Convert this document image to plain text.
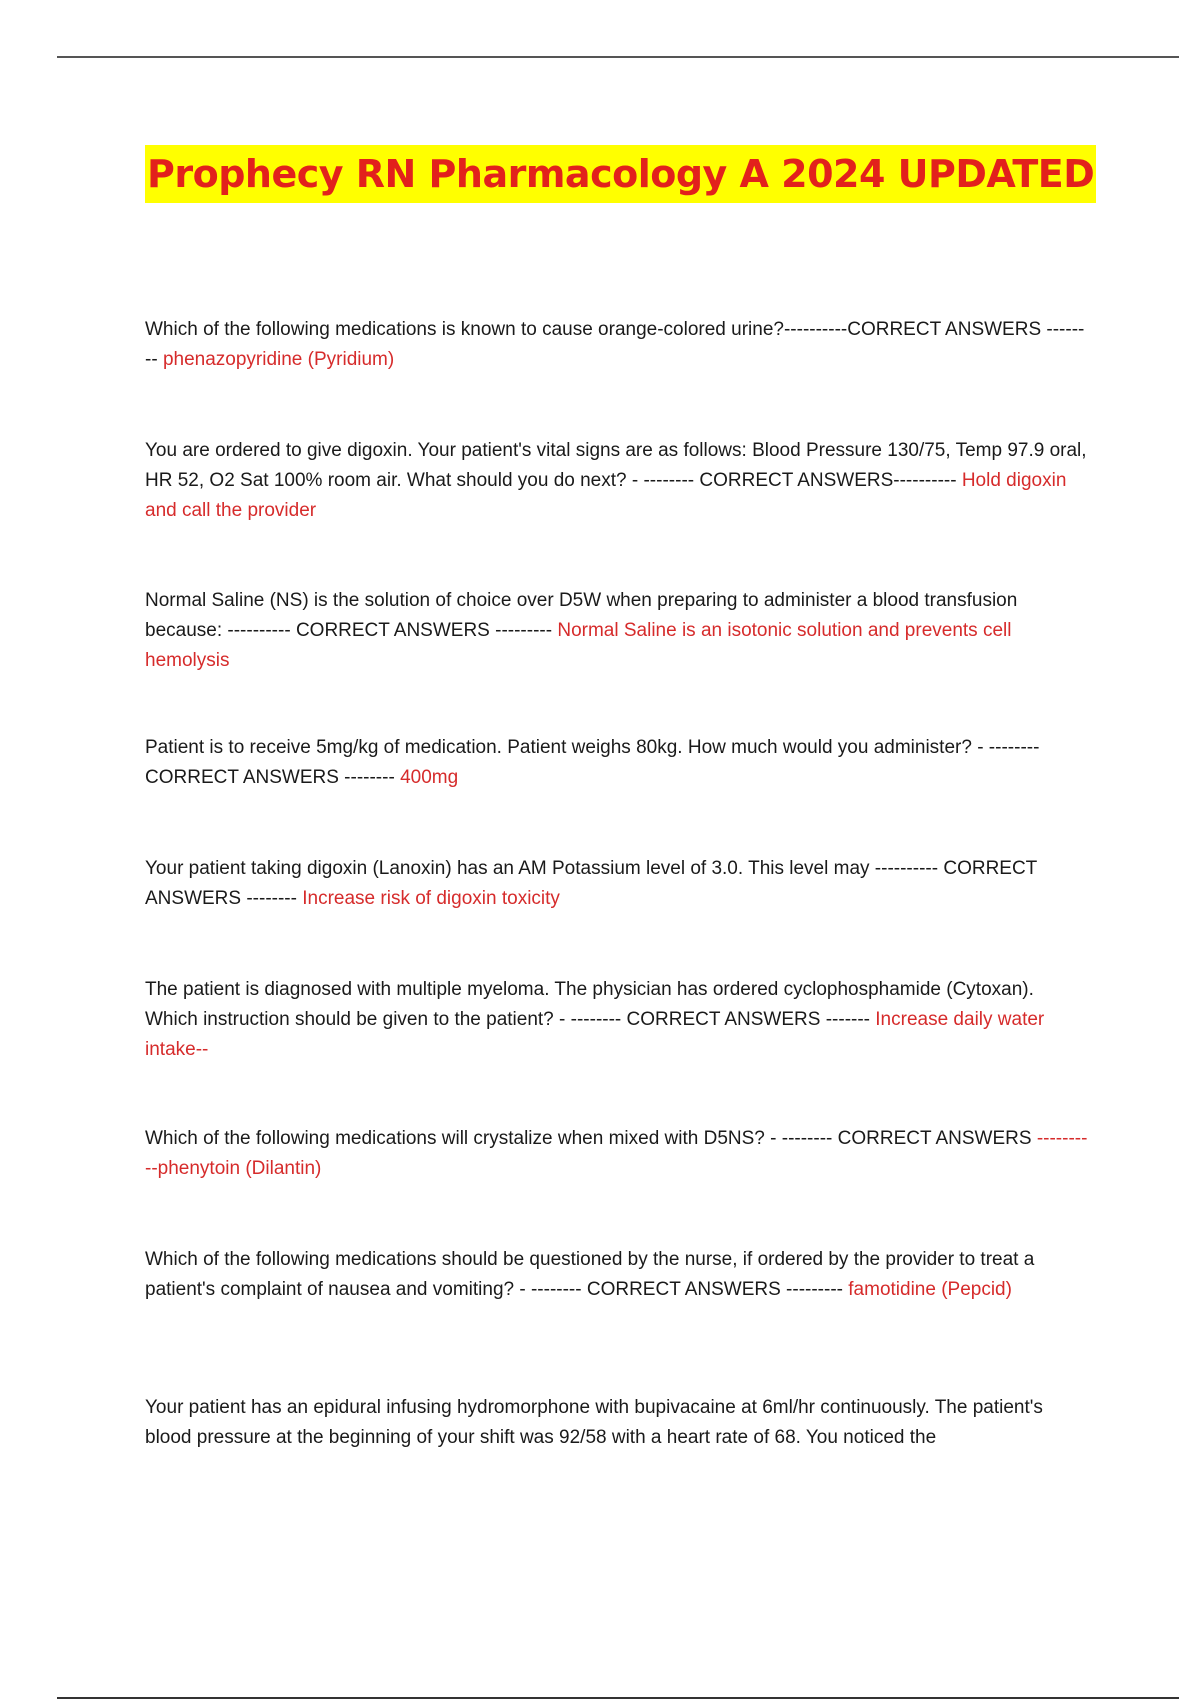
Prophecy RN Pharmacology A 2024 UPDATED
Which of the following medications is known to cause orange-colored urine?----------CORRECT ANSWERS -------- phenazopyridine (Pyridium)
You are ordered to give digoxin. Your patient's vital signs are as follows: Blood Pressure 130/75, Temp 97.9 oral, HR 52, O2 Sat 100% room air. What should you do next? - -------- CORRECT ANSWERS---------- Hold digoxin and call the provider
Normal Saline (NS) is the solution of choice over D5W when preparing to administer a blood transfusion because: ---------- CORRECT ANSWERS --------- Normal Saline is an isotonic solution and prevents cell hemolysis
Patient is to receive 5mg/kg of medication. Patient weighs 80kg. How much would you administer? - -------- CORRECT ANSWERS -------- 400mg
Your patient taking digoxin (Lanoxin) has an AM Potassium level of 3.0. This level may ---------- CORRECT ANSWERS -------- Increase risk of digoxin toxicity
The patient is diagnosed with multiple myeloma. The physician has ordered cyclophosphamide (Cytoxan). Which instruction should be given to the patient? - -------- CORRECT ANSWERS ------- Increase daily water intake--
Which of the following medications will crystalize when mixed with D5NS? - -------- CORRECT ANSWERS ----------phenytoin (Dilantin)
Which of the following medications should be questioned by the nurse, if ordered by the provider to treat a patient's complaint of nausea and vomiting? - -------- CORRECT ANSWERS --------- famotidine (Pepcid)
Your patient has an epidural infusing hydromorphone with bupivacaine at 6ml/hr continuously. The patient's blood pressure at the beginning of your shift was 92/58 with a heart rate of 68. You noticed the
